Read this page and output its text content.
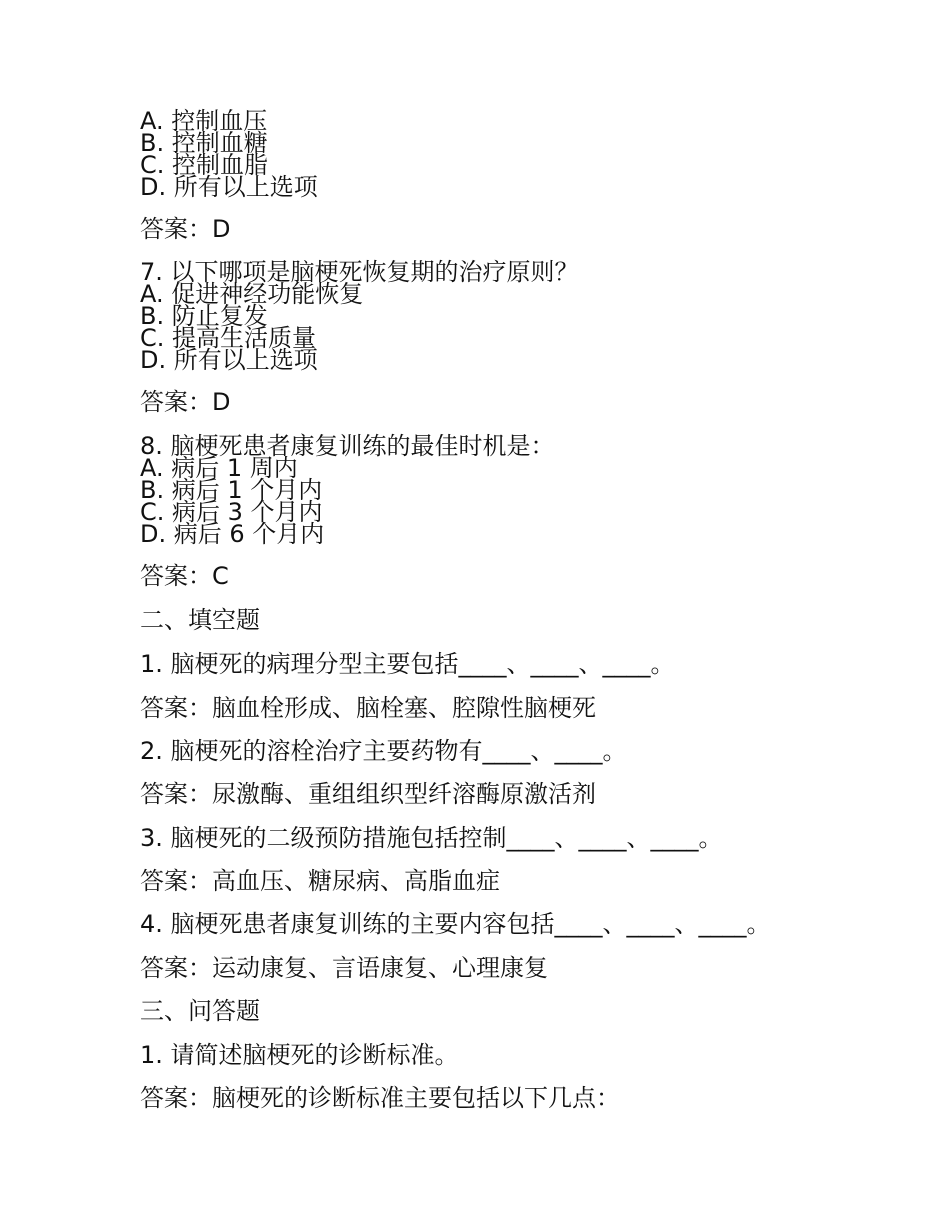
A. 控制血压
B. 控制血糖
C. 控制血脂
D. 所有以上选项
答案：D
7. 以下哪项是脑梗死恢复期的治疗原则？
A. 促进神经功能恢复
B. 防止复发
C. 提高生活质量
D. 所有以上选项
答案：D
8. 脑梗死患者康复训练的最佳时机是：
A. 病后 1 周内
B. 病后 1 个月内
C. 病后 3 个月内
D. 病后 6 个月内
答案：C
二、填空题
1. 脑梗死的病理分型主要包括____、____、____。
答案：脑血栓形成、脑栓塞、腔隙性脑梗死
2. 脑梗死的溶栓治疗主要药物有____、____。
答案：尿激酶、重组组织型纤溶酶原激活剂
3. 脑梗死的二级预防措施包括控制____、____、____。
答案：高血压、糖尿病、高脂血症
4. 脑梗死患者康复训练的主要内容包括____、____、____。
答案：运动康复、言语康复、心理康复
三、问答题
1. 请简述脑梗死的诊断标准。
答案：脑梗死的诊断标准主要包括以下几点：
